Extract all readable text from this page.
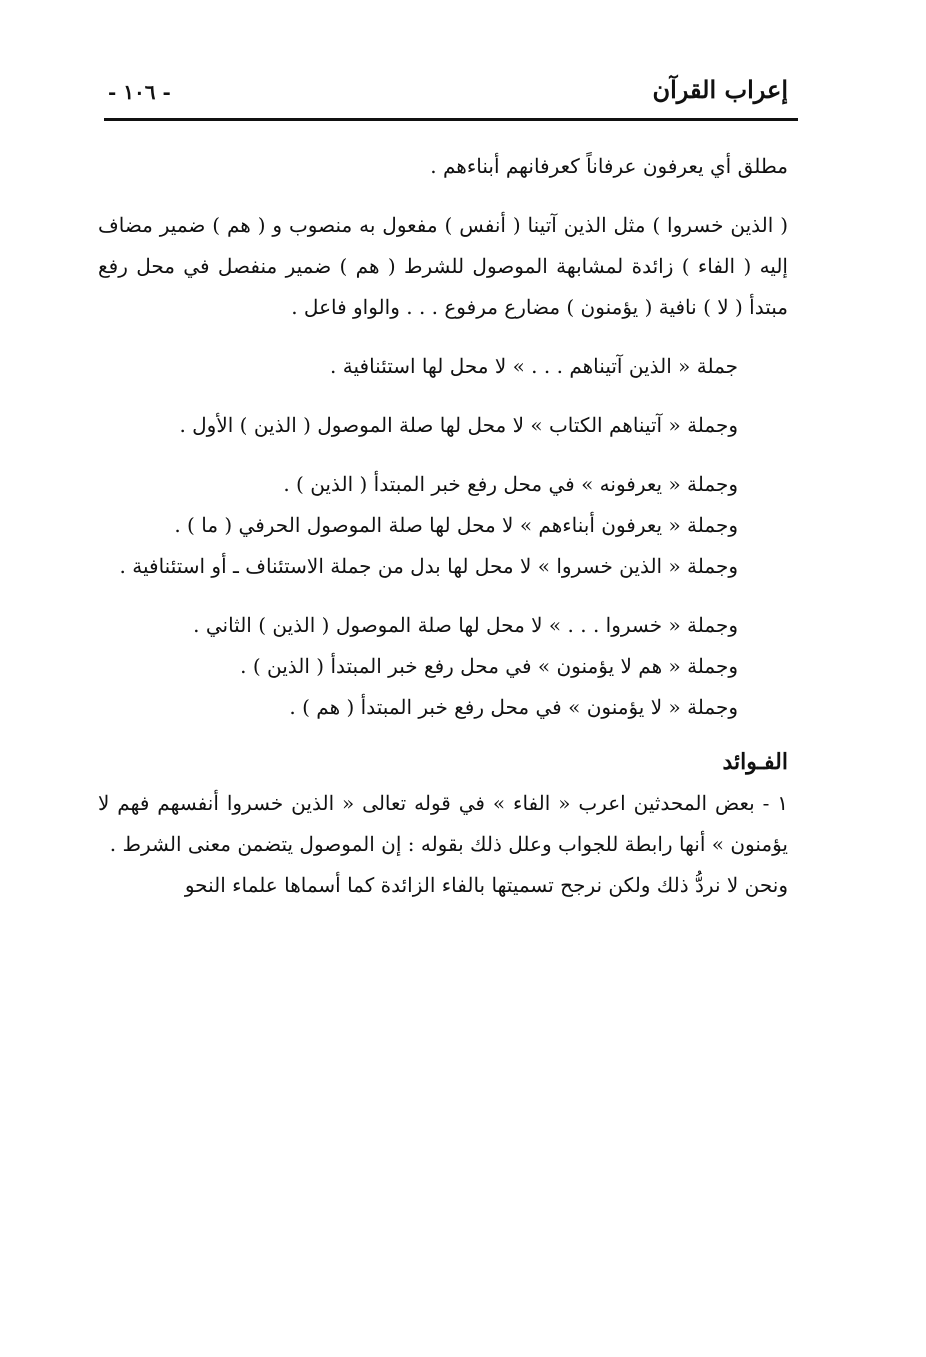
إعراب القرآن
- ١٠٦ -

مطلق أي يعرفون عرفاناً كعرفانهم أبناءهم .

( الذين خسروا ) مثل الذين آتينا ( أنفس ) مفعول به منصوب و ( هم ) ضمير مضاف إليه ( الفاء ) زائدة لمشابهة الموصول للشرط ( هم ) ضمير منفصل في محل رفع مبتدأ ( لا ) نافية ( يؤمنون ) مضارع مرفوع . . . والواو فاعل .

جملة « الذين آتيناهم . . . » لا محل لها استئنافية .

وجملة « آتيناهم الكتاب » لا محل لها صلة الموصول ( الذين ) الأول .

وجملة « يعرفونه » في محل رفع خبر المبتدأ ( الذين ) .

وجملة « يعرفون أبناءهم » لا محل لها صلة الموصول الحرفي ( ما ) .

وجملة « الذين خسروا » لا محل لها بدل من جملة الاستئناف ـ أو استئنافية .

وجملة « خسروا . . . » لا محل لها صلة الموصول ( الذين ) الثاني .

وجملة « هم لا يؤمنون » في محل رفع خبر المبتدأ ( الذين ) .

وجملة « لا يؤمنون » في محل رفع خبر المبتدأ ( هم ) .

الفـوائد

١ - بعض المحدثين اعرب « الفاء » في قوله تعالى « الذين خسروا أنفسهم فهم لا يؤمنون » أنها رابطة للجواب وعلل ذلك بقوله : إن الموصول يتضمن معنى الشرط .

ونحن لا نردُّ ذلك ولكن نرجح تسميتها بالفاء الزائدة كما أسماها علماء النحو
